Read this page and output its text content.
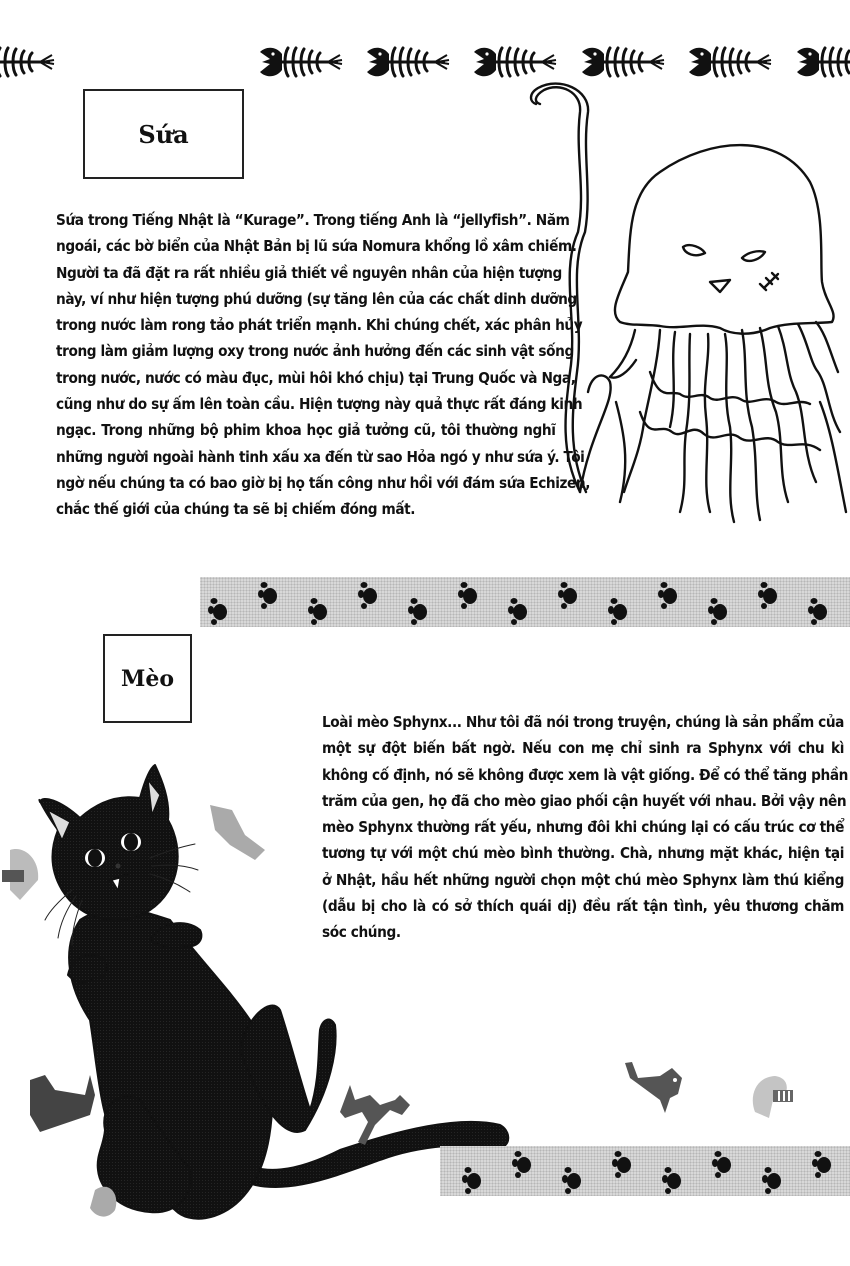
Sứa
Sứa trong Tiếng Nhật là “Kurage”. Trong tiếng Anh là “jellyfish”. Năm
ngoái, các bờ biển của Nhật Bản bị lũ sứa Nomura khổng lồ xâm chiếm.
Người ta đã đặt ra rất nhiều giả thiết về nguyên nhân của hiện tượng
này, ví như hiện tượng phú dưỡng (sự tăng lên của các chất dinh dưỡng
trong nước làm rong tảo phát triển mạnh. Khi chúng chết, xác phân hủy
trong làm giảm lượng oxy trong nước ảnh hưởng đến các sinh vật sống
trong nước, nước có màu đục, mùi hôi khó chịu) tại Trung Quốc và Nga,
cũng như do sự ấm lên toàn cầu. Hiện tượng này quả thực rất đáng kinh
ngạc. Trong những bộ phim khoa học giả tưởng cũ, tôi thường nghĩ
những người ngoài hành tinh xấu xa đến từ sao Hỏa ngó y như sứa ý. Tôi
ngờ nếu chúng ta có bao giờ bị họ tấn công như hồi với đám sứa Echizen,
chắc thế giới của chúng ta sẽ bị chiếm đóng mất.
Mèo
Loài mèo Sphynx... Như tôi đã nói trong truyện, chúng là sản phẩm của
một sự đột biến bất ngờ. Nếu con mẹ chỉ sinh ra Sphynx với chu kì
không cố định, nó sẽ không được xem là vật giống. Để có thể tăng phần
trăm của gen, họ đã cho mèo giao phối cận huyết với nhau. Bởi vậy nên
mèo Sphynx thường rất yếu, nhưng đôi khi chúng lại có cấu trúc cơ thể
tương tự với một chú mèo bình thường. Chà, nhưng mặt khác, hiện tại
ở Nhật, hầu hết những người chọn một chú mèo Sphynx làm thú kiểng
(dẫu bị cho là có sở thích quái dị) đều rất tận tình, yêu thương chăm
sóc chúng.
